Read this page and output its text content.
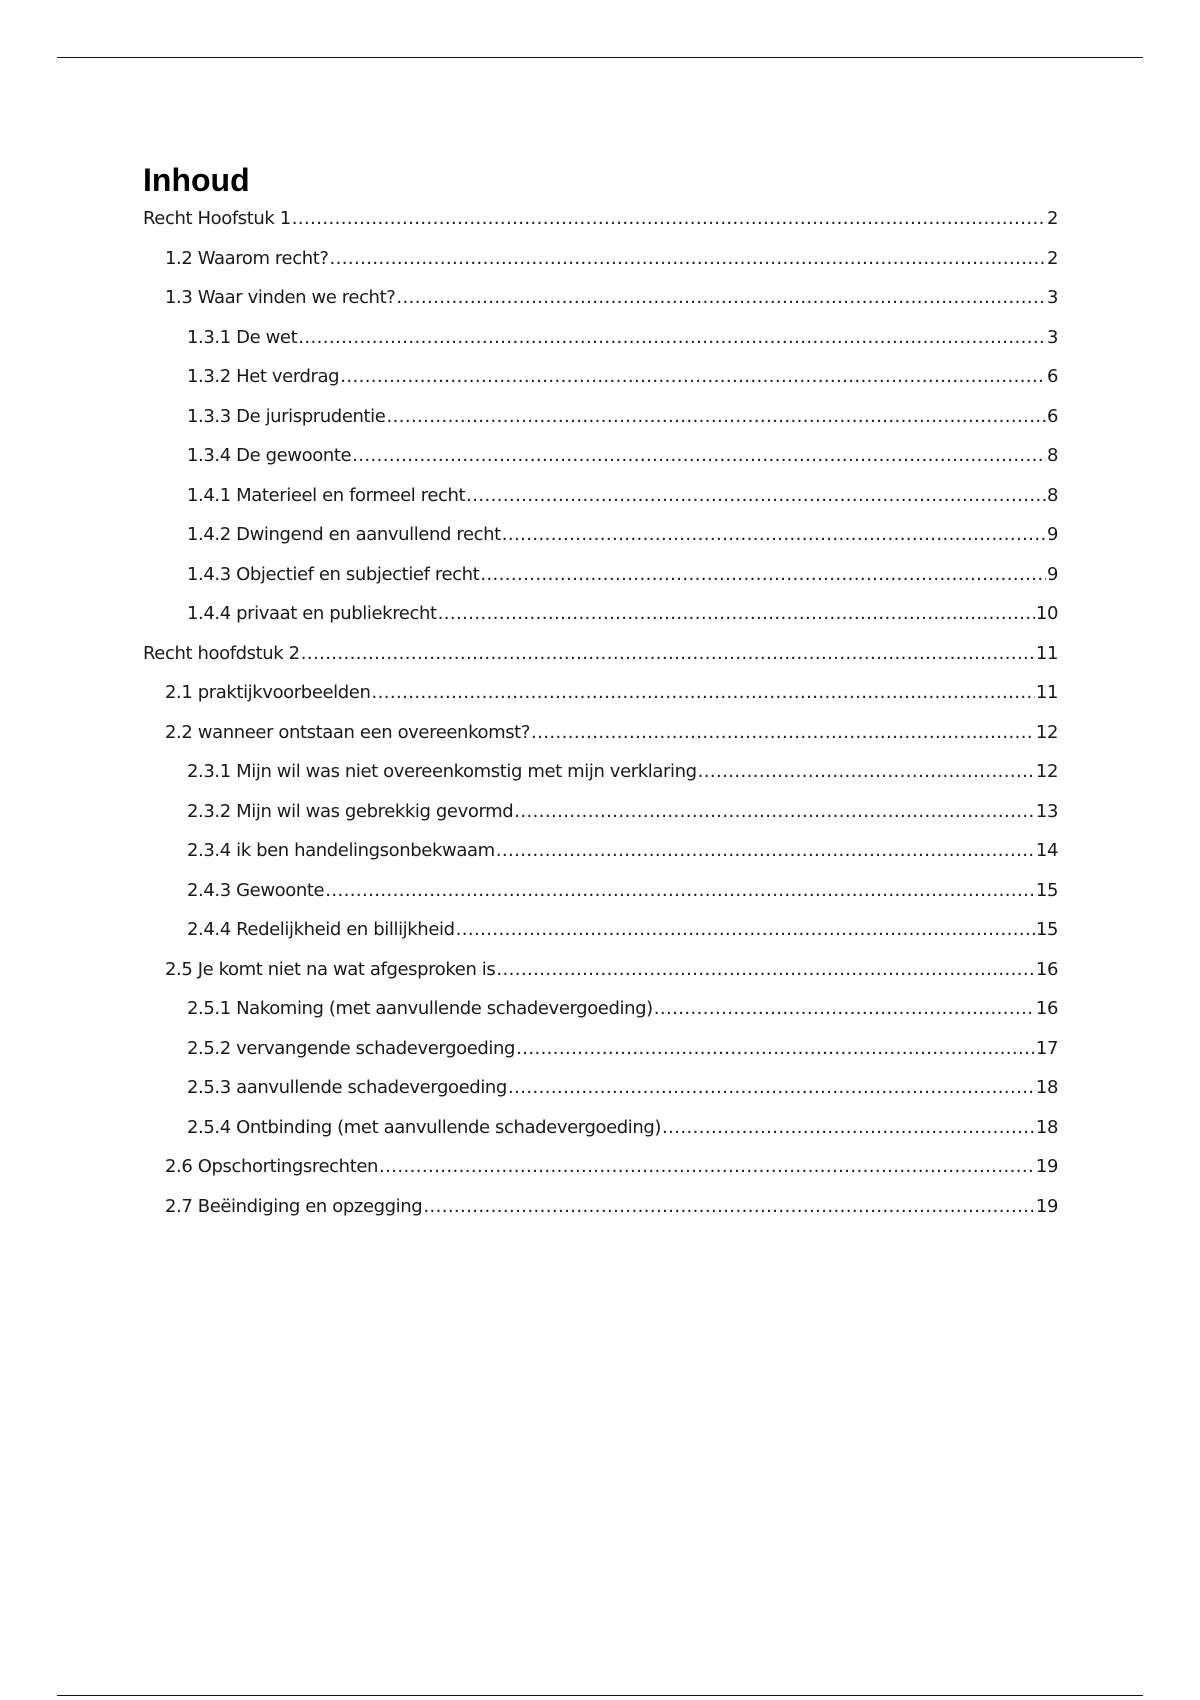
Inhoud
Recht Hoofstuk 1 .....	2
1.2 Waarom recht? .....	2
1.3 Waar vinden we recht? .....	3
1.3.1 De wet .....	3
1.3.2 Het verdrag .....	6
1.3.3 De jurisprudentie .....	6
1.3.4 De gewoonte .....	8
1.4.1 Materieel en formeel recht .....	8
1.4.2 Dwingend en aanvullend recht .....	9
1.4.3 Objectief en subjectief recht .....	9
1.4.4 privaat en publiekrecht .....	10
Recht hoofdstuk 2 .....	11
2.1 praktijkvoorbeelden .....	11
2.2 wanneer ontstaan een overeenkomst? .....	12
2.3.1 Mijn wil was niet overeenkomstig met mijn verklaring .....	12
2.3.2 Mijn wil was gebrekkig gevormd .....	13
2.3.4 ik ben handelingsonbekwaam .....	14
2.4.3 Gewoonte .....	15
2.4.4 Redelijkheid en billijkheid .....	15
2.5 Je komt niet na wat afgesproken is .....	16
2.5.1 Nakoming (met aanvullende schadevergoeding) .....	16
2.5.2 vervangende schadevergoeding .....	17
2.5.3 aanvullende schadevergoeding .....	18
2.5.4 Ontbinding (met aanvullende schadevergoeding) .....	18
2.6 Opschortingsrechten .....	19
2.7 Beëindiging en opzegging .....	19
